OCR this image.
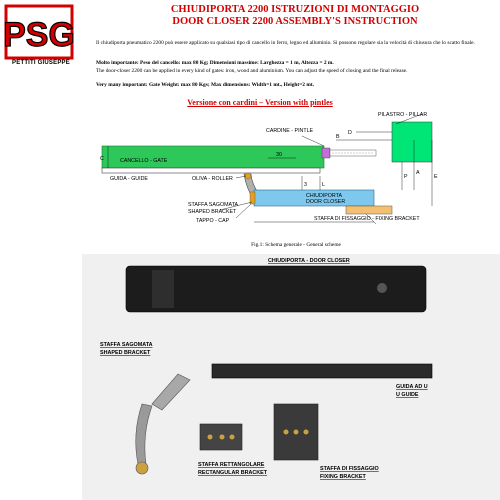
PSG
PETTITI GIUSEPPE
CHIUDIPORTA 2200 ISTRUZIONI DI MONTAGGIO
DOOR CLOSER 2200 ASSEMBLY'S INSTRUCTION
Il chiudiporta pneumatico 2200 può essere applicato su qualsiasi tipo di cancello in ferro, legno ed alluminio. Si possono regolare sia la velocità di chiusura che lo scatto finale.
Molto importante: Peso del cancello: max 80 Kg; Dimensioni massime: Larghezza = 1 m, Altezza = 2 m.
The door-closer 2200 can be applied in every kind of gates: iron, wood and aluminium. You can adjust the speed of closing and the final release.
Very many important: Gate Weight: max 80 Kgs; Max dimensions: Width=1 mt., Height=2 mt.
Versione con cardini – Version with pintles
PILASTRO - PILLAR
CARDINE - PINTLE
CANCELLO - GATE
GUIDA - GUIDE	OLIVA - ROLLER
STAFFA SAGOMATA
SHAPED BRACKET
TAPPO - CAP
CHIUDIPORTA
DOOR CLOSER
STAFFA DI FISSAGGIO - FIXING BRACKET
D
B
A
P	E
L
C
30
3
Fig.1: Schema generale - General scheme
CHIUDIPORTA - DOOR CLOSER
STAFFA SAGOMATA
SHAPED BRACKET
GUIDA AD U
U GUIDE
STAFFA RETTANGOLARE
RECTANGULAR BRACKET
STAFFA DI FISSAGGIO
FIXING BRACKET
